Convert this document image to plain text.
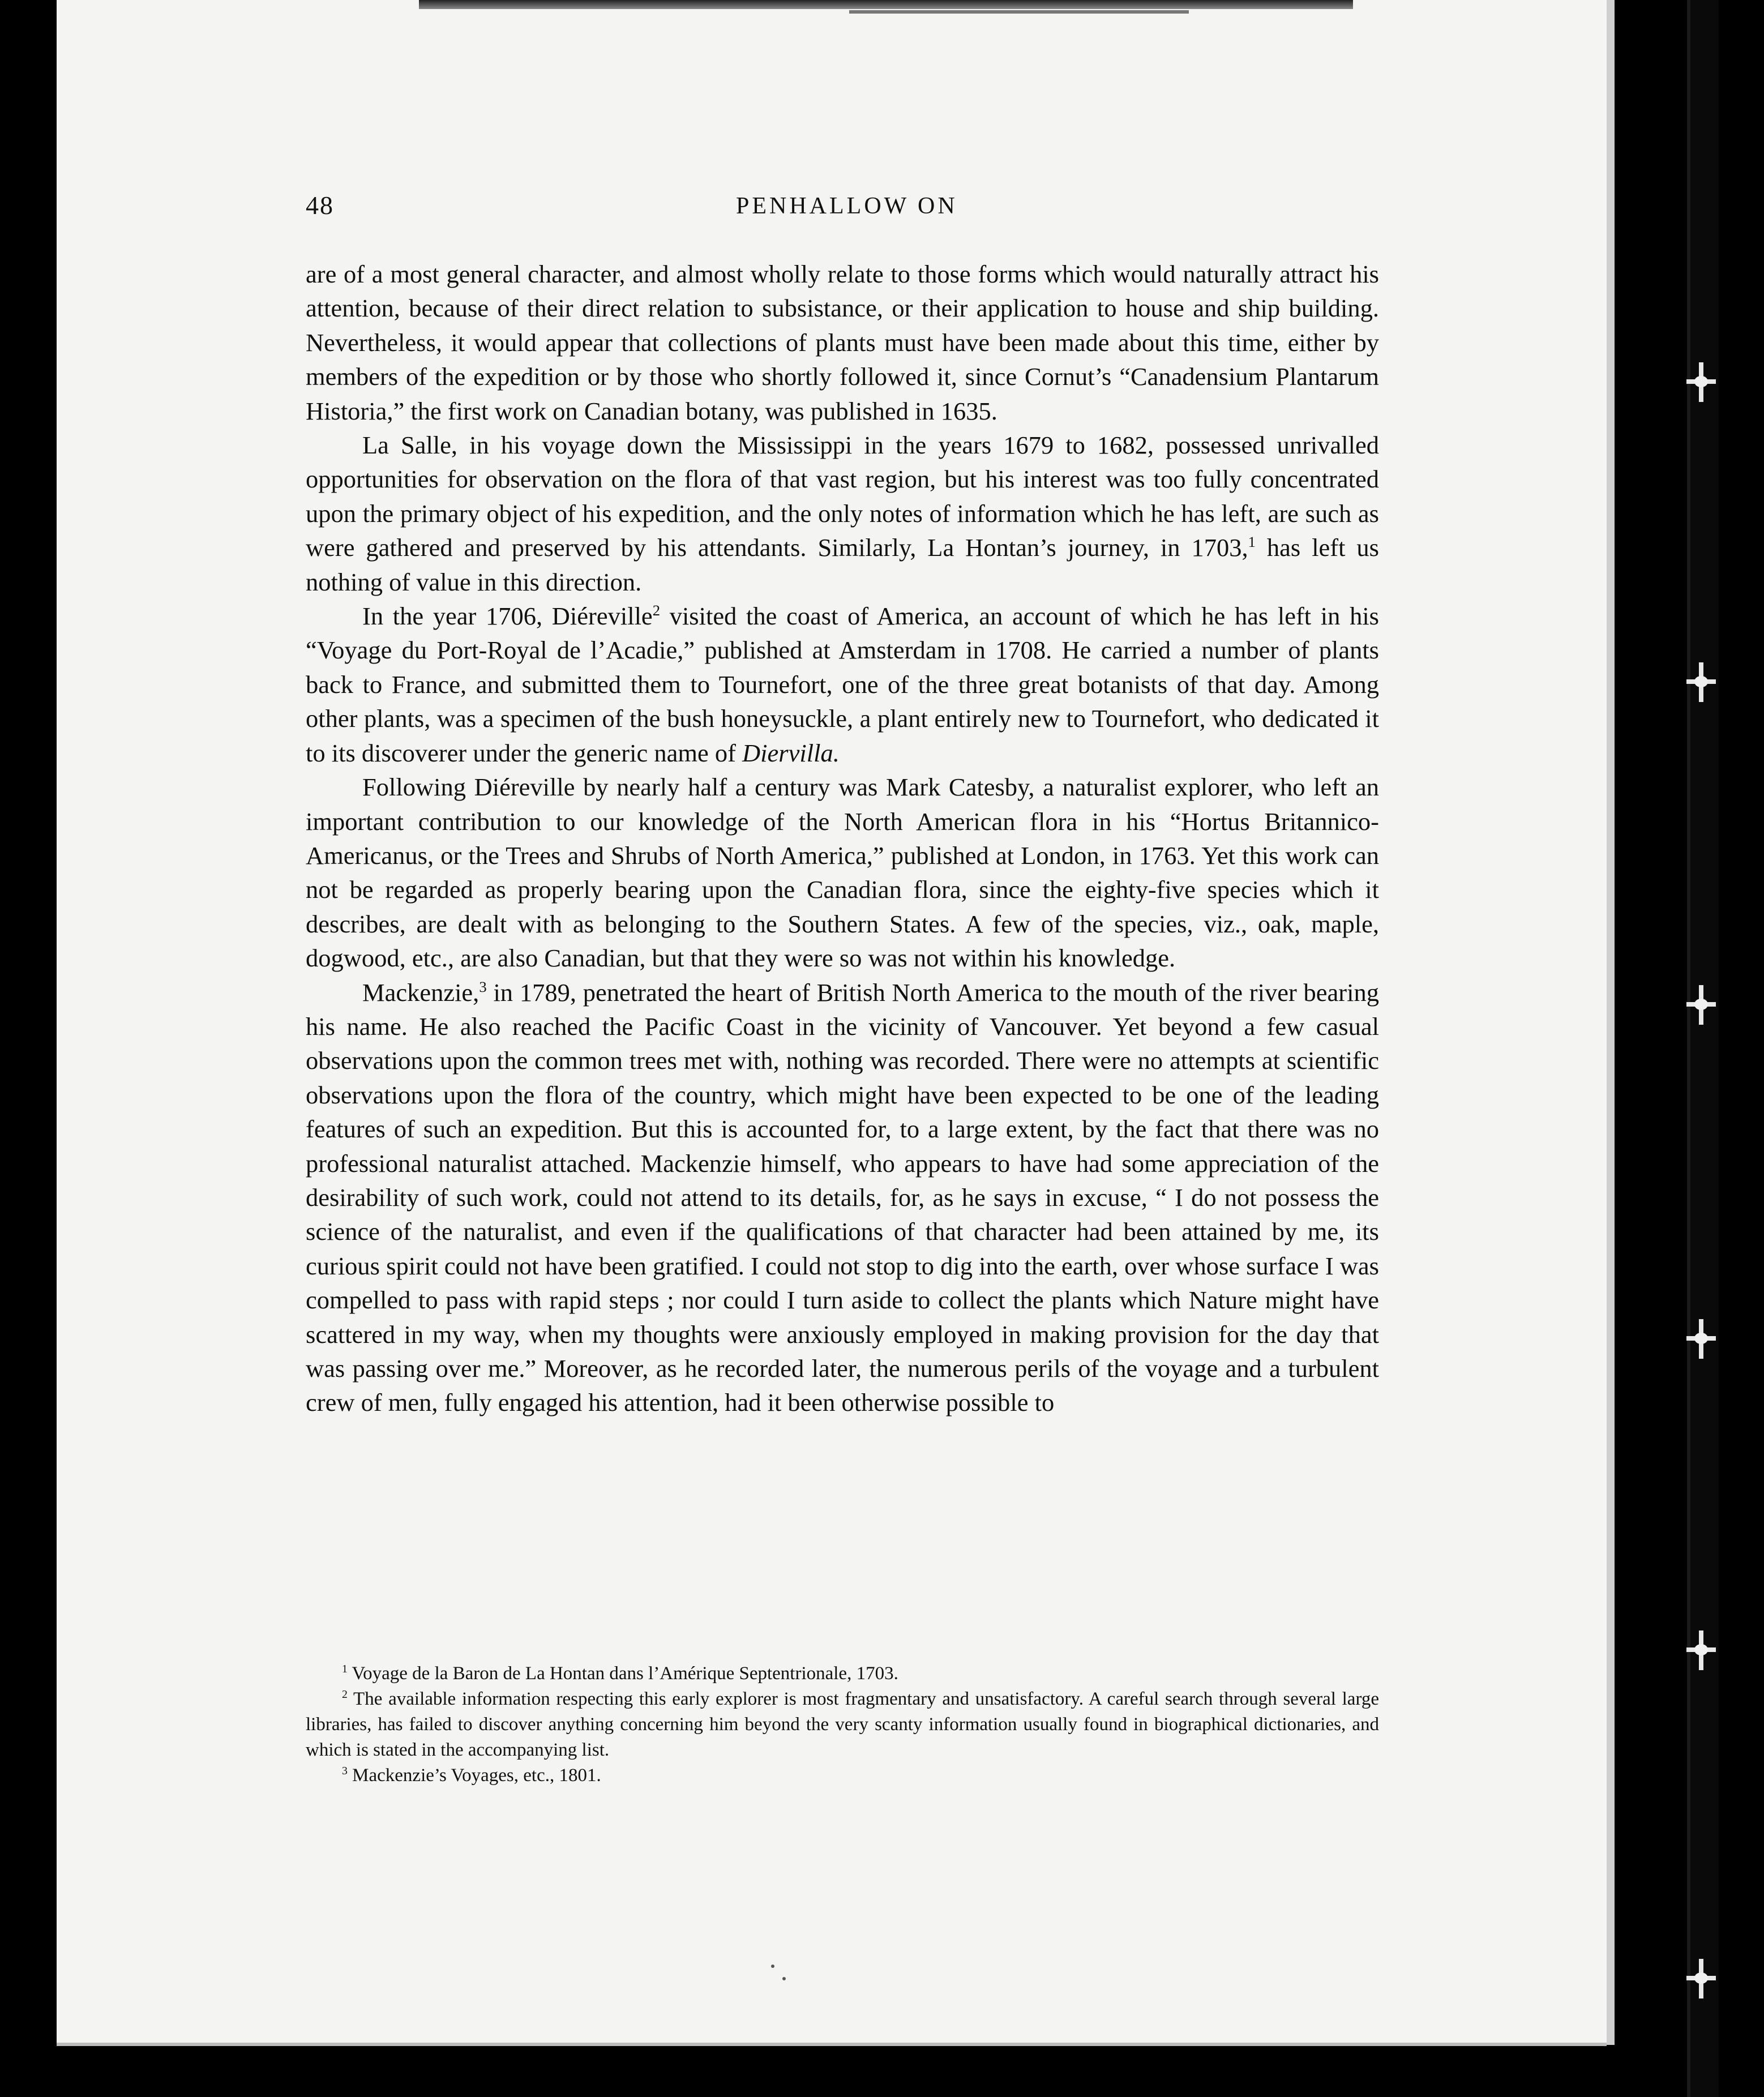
48	PENHALLOW ON

are of a most general character, and almost wholly relate to those forms which would naturally attract his attention, because of their direct relation to subsistance, or their application to house and ship building. Nevertheless, it would appear that collections of plants must have been made about this time, either by members of the expedition or by those who shortly followed it, since Cornut’s “Canadensium Plantarum Historia,” the first work on Canadian botany, was published in 1635.

La Salle, in his voyage down the Mississippi in the years 1679 to 1682, possessed unrivalled opportunities for observation on the flora of that vast region, but his interest was too fully concentrated upon the primary object of his expedition, and the only notes of information which he has left, are such as were gathered and preserved by his attendants. Similarly, La Hontan’s journey, in 1703,$^1$ has left us nothing of value in this direction.

In the year 1706, Diéreville$^2$ visited the coast of America, an account of which he has left in his “Voyage du Port-Royal de l’Acadie,” published at Amsterdam in 1708. He carried a number of plants back to France, and submitted them to Tournefort, one of the three great botanists of that day. Among other plants, was a specimen of the bush honeysuckle, a plant entirely new to Tournefort, who dedicated it to its discoverer under the generic name of Diervilla.

Following Diéreville by nearly half a century was Mark Catesby, a naturalist explorer, who left an important contribution to our knowledge of the North American flora in his “Hortus Britannico-Americanus, or the Trees and Shrubs of North America,” published at London, in 1763. Yet this work can not be regarded as properly bearing upon the Canadian flora, since the eighty-five species which it describes, are dealt with as belonging to the Southern States. A few of the species, viz., oak, maple, dogwood, etc., are also Canadian, but that they were so was not within his knowledge.

Mackenzie,$^3$ in 1789, penetrated the heart of British North America to the mouth of the river bearing his name. He also reached the Pacific Coast in the vicinity of Vancouver. Yet beyond a few casual observations upon the common trees met with, nothing was recorded. There were no attempts at scientific observations upon the flora of the country, which might have been expected to be one of the leading features of such an expedition. But this is accounted for, to a large extent, by the fact that there was no professional naturalist attached. Mackenzie himself, who appears to have had some appreciation of the desirability of such work, could not attend to its details, for, as he says in excuse, “ I do not possess the science of the naturalist, and even if the qualifications of that character had been attained by me, its curious spirit could not have been gratified. I could not stop to dig into the earth, over whose surface I was compelled to pass with rapid steps ; nor could I turn aside to collect the plants which Nature might have scattered in my way, when my thoughts were anxiously employed in making provision for the day that was passing over me.” Moreover, as he recorded later, the numerous perils of the voyage and a turbulent crew of men, fully engaged his attention, had it been otherwise possible to

$^1$ Voyage de la Baron de La Hontan dans l’Amérique Septentrionale, 1703.

$^2$ The available information respecting this early explorer is most fragmentary and unsatisfactory. A careful search through several large libraries, has failed to discover anything concerning him beyond the very scanty information usually found in biographical dictionaries, and which is stated in the accompanying list.

$^3$ Mackenzie’s Voyages, etc., 1801.
